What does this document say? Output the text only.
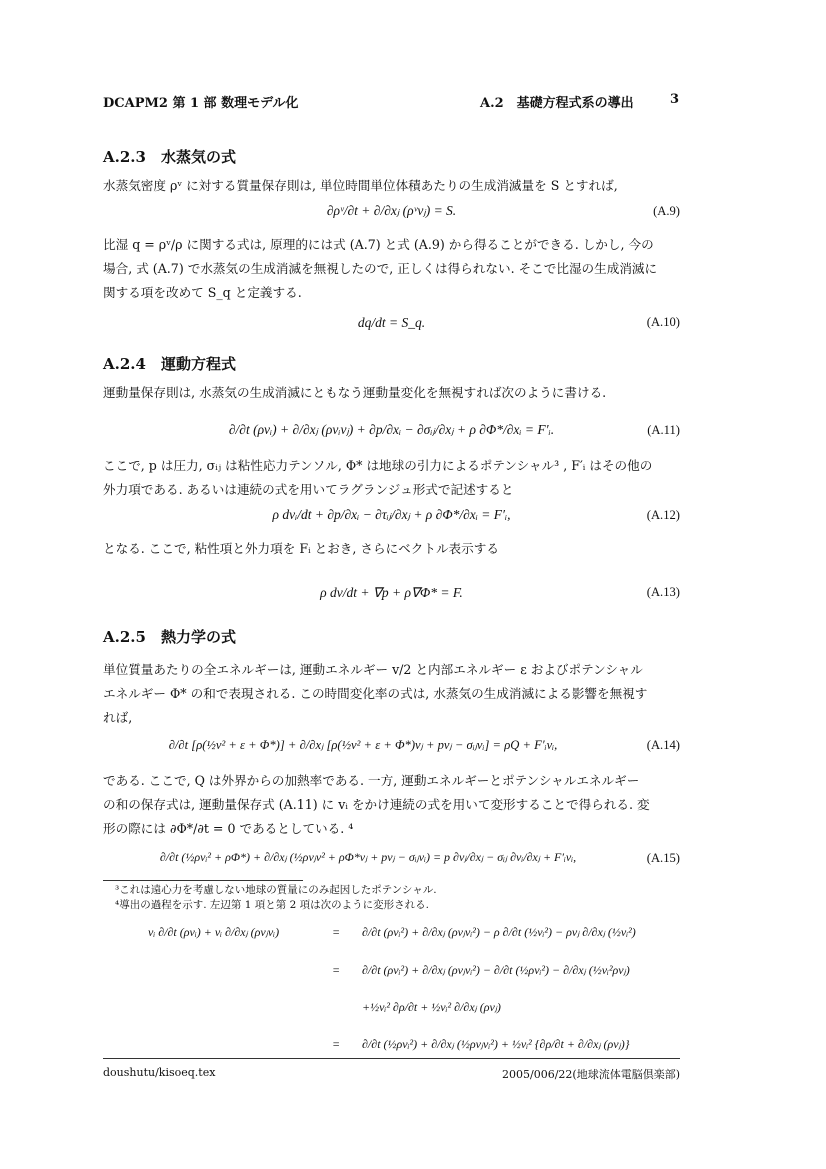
DCAPM2 第 1 部 数理モデル化	A.2　基礎方程式系の導出	3
A.2.3　水蒸気の式
水蒸気密度 ρᵛ に対する質量保存則は, 単位時間単位体積あたりの生成消滅量を S とすれば,
∂ρᵛ/∂t + ∂/∂xⱼ (ρᵛvⱼ) = S.	(A.9)
比湿 q = ρᵛ/ρ に関する式は, 原理的には式 (A.7) と式 (A.9) から得ることができる. しかし, 今の
場合, 式 (A.7) で水蒸気の生成消滅を無視したので, 正しくは得られない. そこで比湿の生成消滅に
関する項を改めて S_q と定義する.
dq/dt = S_q.	(A.10)
A.2.4　運動方程式
運動量保存則は, 水蒸気の生成消滅にともなう運動量変化を無視すれば次のように書ける.
∂/∂t (ρvᵢ) + ∂/∂xⱼ (ρvᵢvⱼ) + ∂p/∂xᵢ − ∂σᵢⱼ/∂xⱼ + ρ ∂Φ*/∂xᵢ = F′ᵢ.	(A.11)
ここで, p は圧力, σᵢⱼ は粘性応力テンソル, Φ* は地球の引力によるポテンシャル³ , F′ᵢ はその他の
外力項である. あるいは連続の式を用いてラグランジュ形式で記述すると
ρ dvᵢ/dt + ∂p/∂xᵢ − ∂τᵢⱼ/∂xⱼ + ρ ∂Φ*/∂xᵢ = F′ᵢ,	(A.12)
となる. ここで, 粘性項と外力項を Fᵢ とおき, さらにベクトル表示する
ρ dv/dt + ∇p + ρ∇Φ* = F.	(A.13)
A.2.5　熱力学の式
単位質量あたりの全エネルギーは, 運動エネルギー v/2 と内部エネルギー ε およびポテンシャル
エネルギー Φ* の和で表現される. この時間変化率の式は, 水蒸気の生成消滅による影響を無視す
れば,
∂/∂t [ρ(½v² + ε + Φ*)] + ∂/∂xⱼ [ρ(½v² + ε + Φ*)vⱼ + pvⱼ − σᵢⱼvᵢ] = ρQ + F′ᵢvᵢ,	(A.14)
である. ここで, Q は外界からの加熱率である. 一方, 運動エネルギーとポテンシャルエネルギー
の和の保存式は, 運動量保存式 (A.11) に vᵢ をかけ連続の式を用いて変形することで得られる. 変
形の際には ∂Φ*/∂t = 0 であるとしている. ⁴
∂/∂t (½ρvᵢ² + ρΦ*) + ∂/∂xⱼ (½ρvⱼv² + ρΦ*vⱼ + pvⱼ − σᵢⱼvᵢ) = p ∂vⱼ/∂xⱼ − σᵢⱼ ∂vᵢ/∂xⱼ + F′ᵢvᵢ,	(A.15)
³これは遠心力を考慮しない地球の質量にのみ起因したポテンシャル.
⁴導出の過程を示す. 左辺第 1 項と第 2 項は次のように変形される.
vᵢ ∂/∂t (ρvᵢ) + vᵢ ∂/∂xⱼ (ρvⱼvᵢ)	= ∂/∂t (ρvᵢ²) + ∂/∂xⱼ (ρvⱼvᵢ²) − ρ ∂/∂t (½vᵢ²) − ρvⱼ ∂/∂xⱼ (½vᵢ²)
= ∂/∂t (ρvᵢ²) + ∂/∂xⱼ (ρvⱼvᵢ²) − ∂/∂t (½ρvᵢ²) − ∂/∂xⱼ (½vᵢ²ρvⱼ)
+½vᵢ² ∂ρ/∂t + ½vᵢ² ∂/∂xⱼ (ρvⱼ)
= ∂/∂t (½ρvᵢ²) + ∂/∂xⱼ (½ρvⱼvᵢ²) + ½vᵢ² {∂ρ/∂t + ∂/∂xⱼ (ρvⱼ)}
doushutu/kisoeq.tex	2005/006/22(地球流体電脳倶楽部)
